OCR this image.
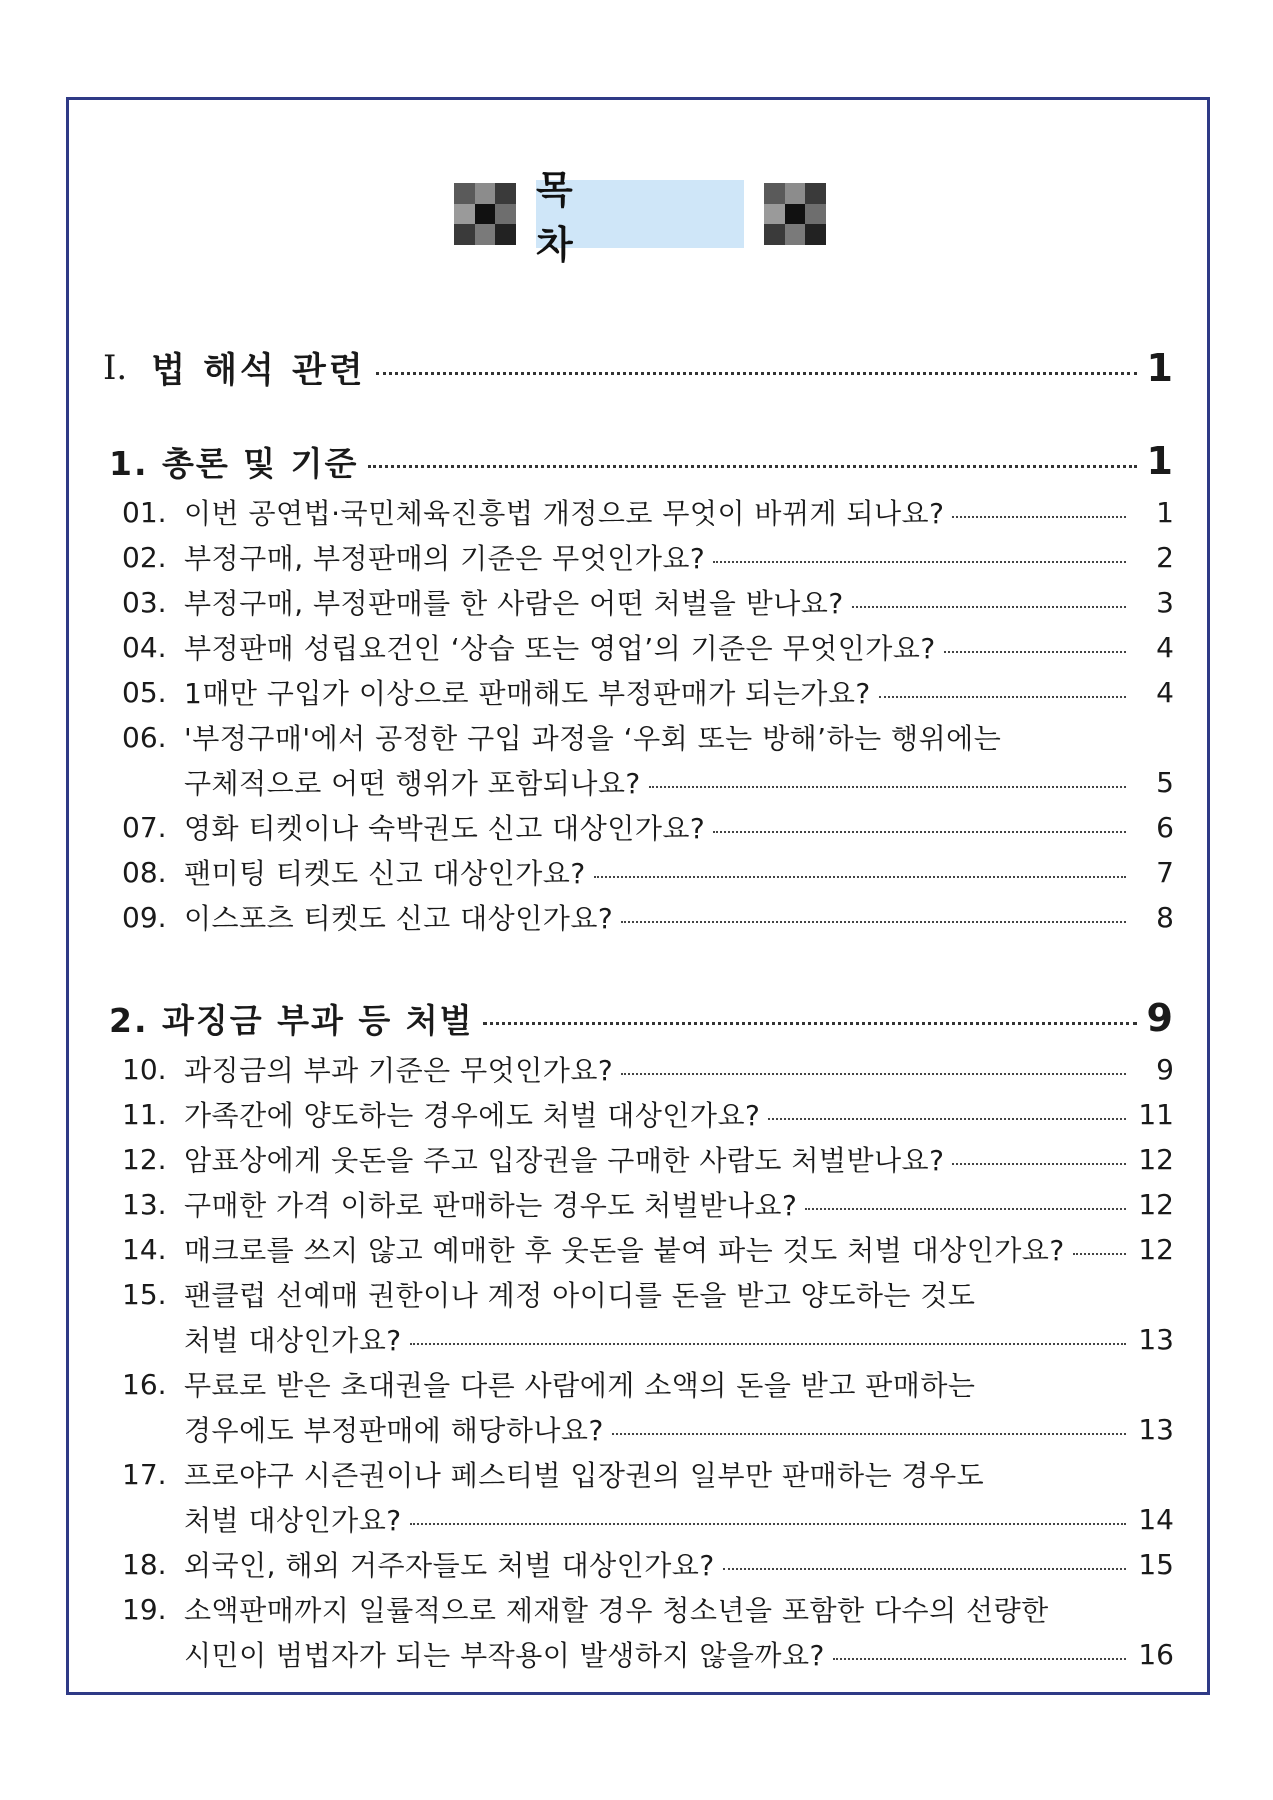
목 차
Ⅰ. 법 해석 관련	1
1. 총론 및 기준	1
01. 이번 공연법·국민체육진흥법 개정으로 무엇이 바뀌게 되나요?	1
02. 부정구매, 부정판매의 기준은 무엇인가요?	2
03. 부정구매, 부정판매를 한 사람은 어떤 처벌을 받나요?	3
04. 부정판매 성립요건인 ‘상습 또는 영업’의 기준은 무엇인가요?	4
05. 1매만 구입가 이상으로 판매해도 부정판매가 되는가요?	4
06. '부정구매'에서 공정한 구입 과정을 ‘우회 또는 방해’하는 행위에는
구체적으로 어떤 행위가 포함되나요?	5
07. 영화 티켓이나 숙박권도 신고 대상인가요?	6
08. 팬미팅 티켓도 신고 대상인가요?	7
09. 이스포츠 티켓도 신고 대상인가요?	8
2. 과징금 부과 등 처벌	9
10. 과징금의 부과 기준은 무엇인가요?	9
11. 가족간에 양도하는 경우에도 처벌 대상인가요?	11
12. 암표상에게 웃돈을 주고 입장권을 구매한 사람도 처벌받나요?	12
13. 구매한 가격 이하로 판매하는 경우도 처벌받나요?	12
14. 매크로를 쓰지 않고 예매한 후 웃돈을 붙여 파는 것도 처벌 대상인가요?	12
15. 팬클럽 선예매 권한이나 계정 아이디를 돈을 받고 양도하는 것도
처벌 대상인가요?	13
16. 무료로 받은 초대권을 다른 사람에게 소액의 돈을 받고 판매하는
경우에도 부정판매에 해당하나요?	13
17. 프로야구 시즌권이나 페스티벌 입장권의 일부만 판매하는 경우도
처벌 대상인가요?	14
18. 외국인, 해외 거주자들도 처벌 대상인가요?	15
19. 소액판매까지 일률적으로 제재할 경우 청소년을 포함한 다수의 선량한
시민이 범법자가 되는 부작용이 발생하지 않을까요?	16
